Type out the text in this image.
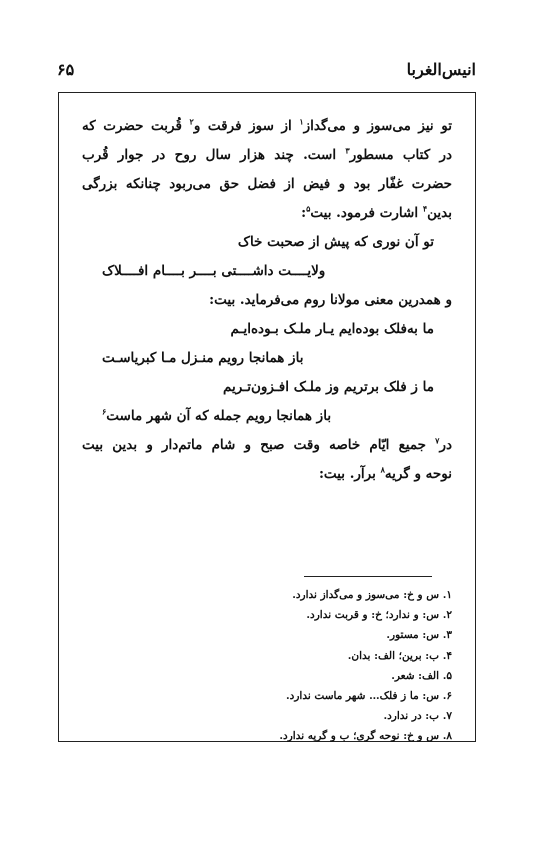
انیس‌الغربا
۶۵
تو نیز می‌سوز و می‌گداز$^۱$ از سوز فرقت و$^۲$ قُربت حضرت که
در کتاب مسطور$^۳$ است. چند هزار سال روح در جوار قُرب
حضرت غفّار بود و فیض از فضل حق می‌ربود چنانکه بزرگی
بدین$^۴$ اشارت فرمود. بیت$^۵$:
تو آن نوری که پیش از صحبت خاک
ولایــــت داشــــتی بــــر بــــام افــــلاک
و همدرین معنی مولانا روم می‌فرماید. بیت:
ما به‌فلک بوده‌ایم یـار ملـک بـوده‌ایـم
باز همانجا رویم منـزل مـا کبریاسـت
ما ز فلک برتریم وز ملـک افـزون‌تـریم
باز همانجا رویم جمله که آن شهر ماست$^۶$
در$^۷$ جمیع ایّام خاصه وقت صبح و شام ماتم‌دار و بدین بیت
نوحه و گریه$^۸$ برآر. بیت:
۱. س و خ: می‌سوز و می‌گداز ندارد.
۲. س: و ندارد؛ خ: و قربت ندارد.
۳. س: مستور.
۴. ب: برین؛ الف: بدان.
۵. الف: شعر.
۶. س: ما ز فلک… شهر ماست ندارد.
۷. ب: در ندارد.
۸. س و خ: نوحه گری؛ ب و گریه ندارد.
